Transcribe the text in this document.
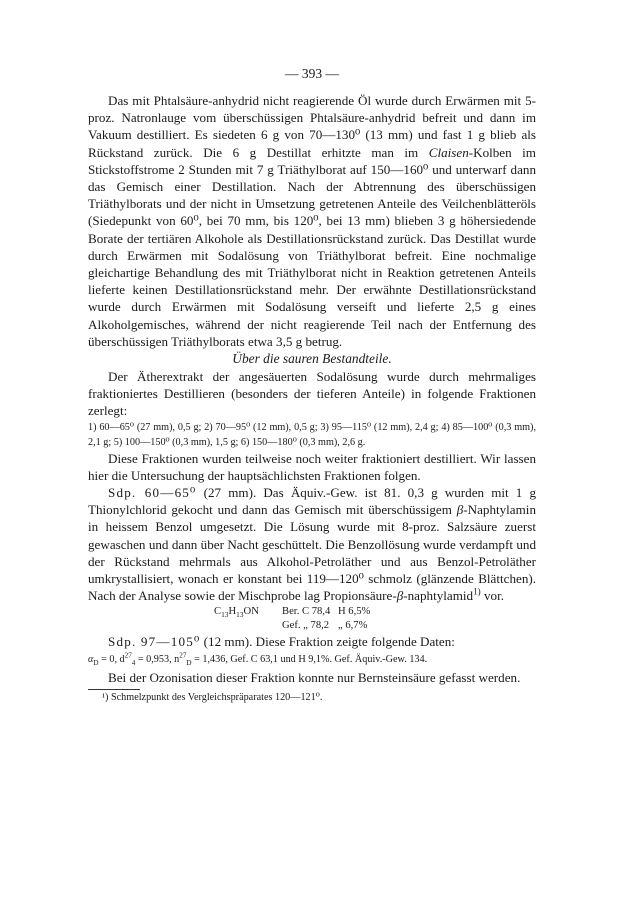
— 393 —

Das mit Phtalsäure-anhydrid nicht reagierende Öl wurde durch Erwärmen mit 5-proz. Natronlauge vom überschüssigen Phtalsäure-anhydrid befreit und dann im Vakuum destilliert. Es siedeten 6 g von 70—130⁰ (13 mm) und fast 1 g blieb als Rückstand zurück. Die 6 g Destillat erhitzte man im Claisen-Kolben im Stickstoffstrome 2 Stunden mit 7 g Triäthylborat auf 150—160⁰ und unterwarf dann das Gemisch einer Destillation. Nach der Abtrennung des überschüssigen Triäthylborats und der nicht in Umsetzung getretenen Anteile des Veilchenblätteröls (Siedepunkt von 60⁰, bei 70 mm, bis 120⁰, bei 13 mm) blieben 3 g höhersiedende Borate der tertiären Alkohole als Destillationsrückstand zurück. Das Destillat wurde durch Erwärmen mit Sodalösung von Triäthylborat befreit. Eine nochmalige gleichartige Behandlung des mit Triäthylborat nicht in Reaktion getretenen Anteils lieferte keinen Destillationsrückstand mehr. Der erwähnte Destillationsrückstand wurde durch Erwärmen mit Sodalösung verseift und lieferte 2,5 g eines Alkoholgemisches, während der nicht reagierende Teil nach der Entfernung des überschüssigen Triäthylborats etwa 3,5 g betrug.

Über die sauren Bestandteile.

Der Ätherextrakt der angesäuerten Sodalösung wurde durch mehrmaliges fraktioniertes Destillieren (besonders der tieferen Anteile) in folgende Fraktionen zerlegt:

1) 60—65⁰ (27 mm), 0,5 g; 2) 70—95⁰ (12 mm), 0,5 g; 3) 95—115⁰ (12 mm), 2,4 g; 4) 85—100⁰ (0,3 mm), 2,1 g; 5) 100—150⁰ (0,3 mm), 1,5 g; 6) 150—180⁰ (0,3 mm), 2,6 g.

Diese Fraktionen wurden teilweise noch weiter fraktioniert destilliert. Wir lassen hier die Untersuchung der hauptsächlichsten Fraktionen folgen.

Sdp. 60—65⁰ (27 mm). Das Äquiv.-Gew. ist 81. 0,3 g wurden mit 1 g Thionylchlorid gekocht und dann das Gemisch mit überschüssigem β-Naphtylamin in heissem Benzol umgesetzt. Die Lösung wurde mit 8-proz. Salzsäure zuerst gewaschen und dann über Nacht geschüttelt. Die Benzollösung wurde verdampft und der Rückstand mehrmals aus Alkohol-Petroläther und aus Benzol-Petroläther umkrystallisiert, wonach er konstant bei 119—120⁰ schmolz (glänzende Blättchen). Nach der Analyse sowie der Mischprobe lag Propionsäure-β-naphtylamid$^{1)}$ vor.

$C_{13}H_{13}ON$	Ber. C 78,4 H 6,5%
Gef. „ 78,2 „ 6,7%

Sdp. 97—105⁰ (12 mm). Diese Fraktion zeigte folgende Daten:

$\alpha_D = 0$, $d^{27}_4 = 0,953$, $n^{27}_D = 1,436$, Gef. C 63,1 und H 9,1%. Gef. Äquiv.-Gew. 134.

Bei der Ozonisation dieser Fraktion konnte nur Bernsteinsäure gefasst werden.

¹) Schmelzpunkt des Vergleichspräparates 120—121⁰.
